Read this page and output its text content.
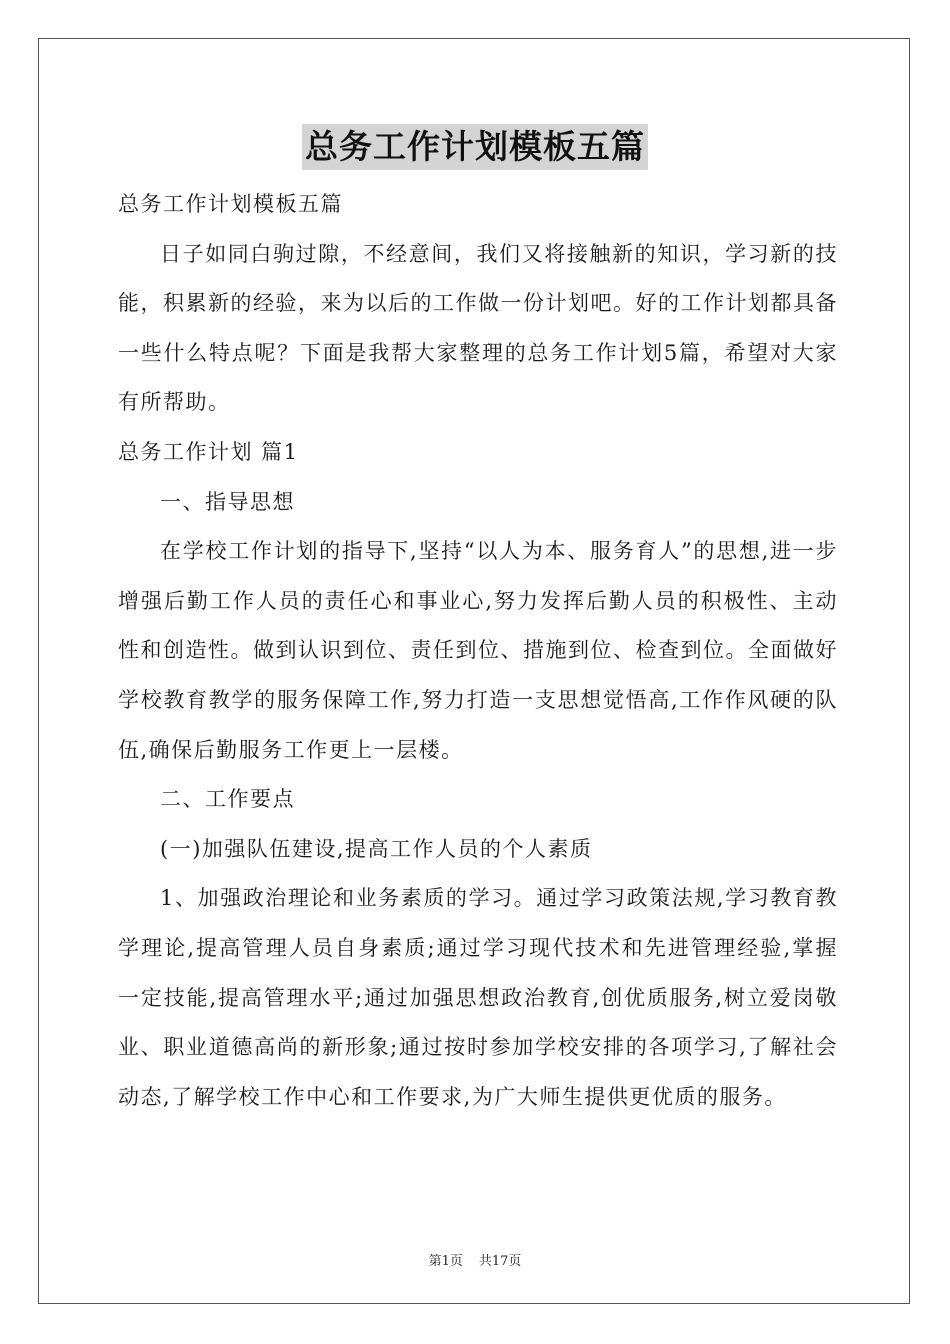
总务工作计划模板五篇

总务工作计划模板五篇

日子如同白驹过隙，不经意间，我们又将接触新的知识，学习新的技能，积累新的经验，来为以后的工作做一份计划吧。好的工作计划都具备一些什么特点呢？下面是我帮大家整理的总务工作计划5篇，希望对大家有所帮助。

总务工作计划 篇1

一、指导思想

在学校工作计划的指导下,坚持“以人为本、服务育人”的思想,进一步增强后勤工作人员的责任心和事业心,努力发挥后勤人员的积极性、主动性和创造性。做到认识到位、责任到位、措施到位、检查到位。全面做好学校教育教学的服务保障工作,努力打造一支思想觉悟高,工作作风硬的队伍,确保后勤服务工作更上一层楼。

二、工作要点

(一)加强队伍建设,提高工作人员的个人素质

1、加强政治理论和业务素质的学习。通过学习政策法规,学习教育教学理论,提高管理人员自身素质;通过学习现代技术和先进管理经验,掌握一定技能,提高管理水平;通过加强思想政治教育,创优质服务,树立爱岗敬业、职业道德高尚的新形象;通过按时参加学校安排的各项学习,了解社会动态,了解学校工作中心和工作要求,为广大师生提供更优质的服务。

第1页 共17页
